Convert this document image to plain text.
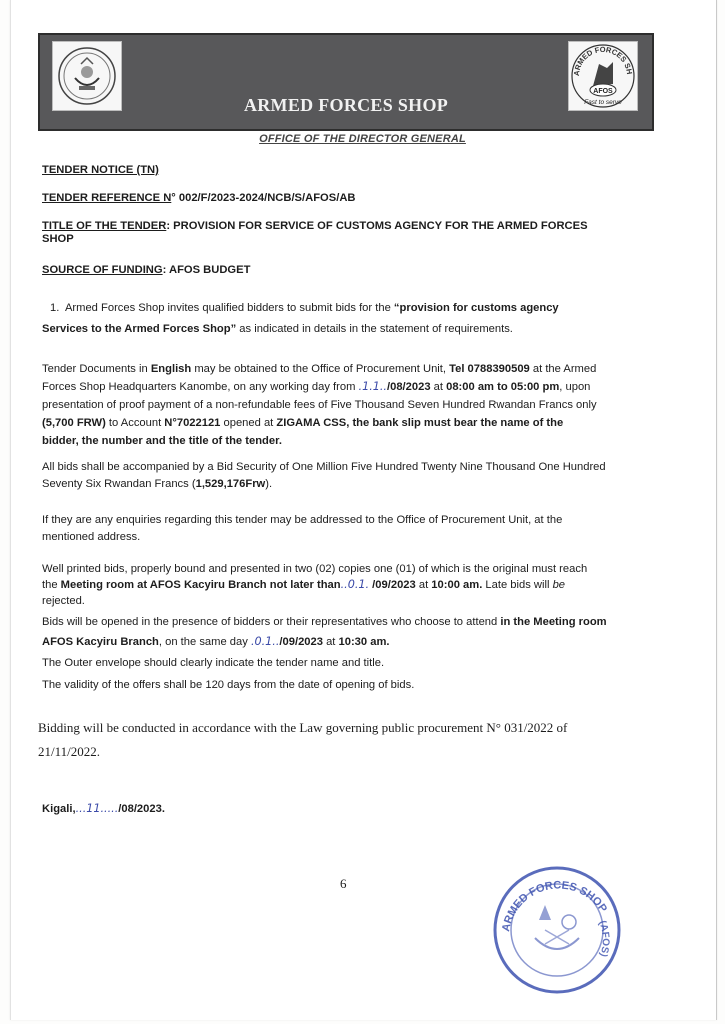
ARMED FORCES SHOP
ARMED FORCES SH
AFOS
Fast to serve
OFFICE OF THE DIRECTOR GENERAL
TENDER NOTICE (TN)
TENDER REFERENCE N° 002/F/2023-2024/NCB/S/AFOS/AB
TITLE OF THE TENDER: PROVISION FOR SERVICE OF CUSTOMS AGENCY FOR THE ARMED FORCES
SHOP
SOURCE OF FUNDING: AFOS BUDGET
1. Armed Forces Shop invites qualified bidders to submit bids for the “provision for customs agency
Services to the Armed Forces Shop” as indicated in details in the statement of requirements.
Tender Documents in English may be obtained to the Office of Procurement Unit, Tel 0788390509 at the Armed
Forces Shop Headquarters Kanombe, on any working day from .1.1../08/2023 at 08:00 am to 05:00 pm, upon
presentation of proof payment of a non-refundable fees of Five Thousand Seven Hundred Rwandan Francs only
(5,700 FRW) to Account N°7022121 opened at ZIGAMA CSS, the bank slip must bear the name of the
bidder, the number and the title of the tender.
All bids shall be accompanied by a Bid Security of One Million Five Hundred Twenty Nine Thousand One Hundred
Seventy Six Rwandan Francs (1,529,176Frw).
If they are any enquiries regarding this tender may be addressed to the Office of Procurement Unit, at the
mentioned address.
Well printed bids, properly bound and presented in two (02) copies one (01) of which is the original must reach
the Meeting room at AFOS Kacyiru Branch not later than..0.1. /09/2023 at 10:00 am. Late bids will be
rejected.
Bids will be opened in the presence of bidders or their representatives who choose to attend in the Meeting room
AFOS Kacyiru Branch, on the same day .0.1../09/2023 at 10:30 am.
The Outer envelope should clearly indicate the tender name and title.
The validity of the offers shall be 120 days from the date of opening of bids.
Bidding will be conducted in accordance with the Law governing public procurement N° 031/2022 of
21/11/2022.
Kigali,...11...../08/2023.
6
ARMED FORCES SHOP
(AFOS)
